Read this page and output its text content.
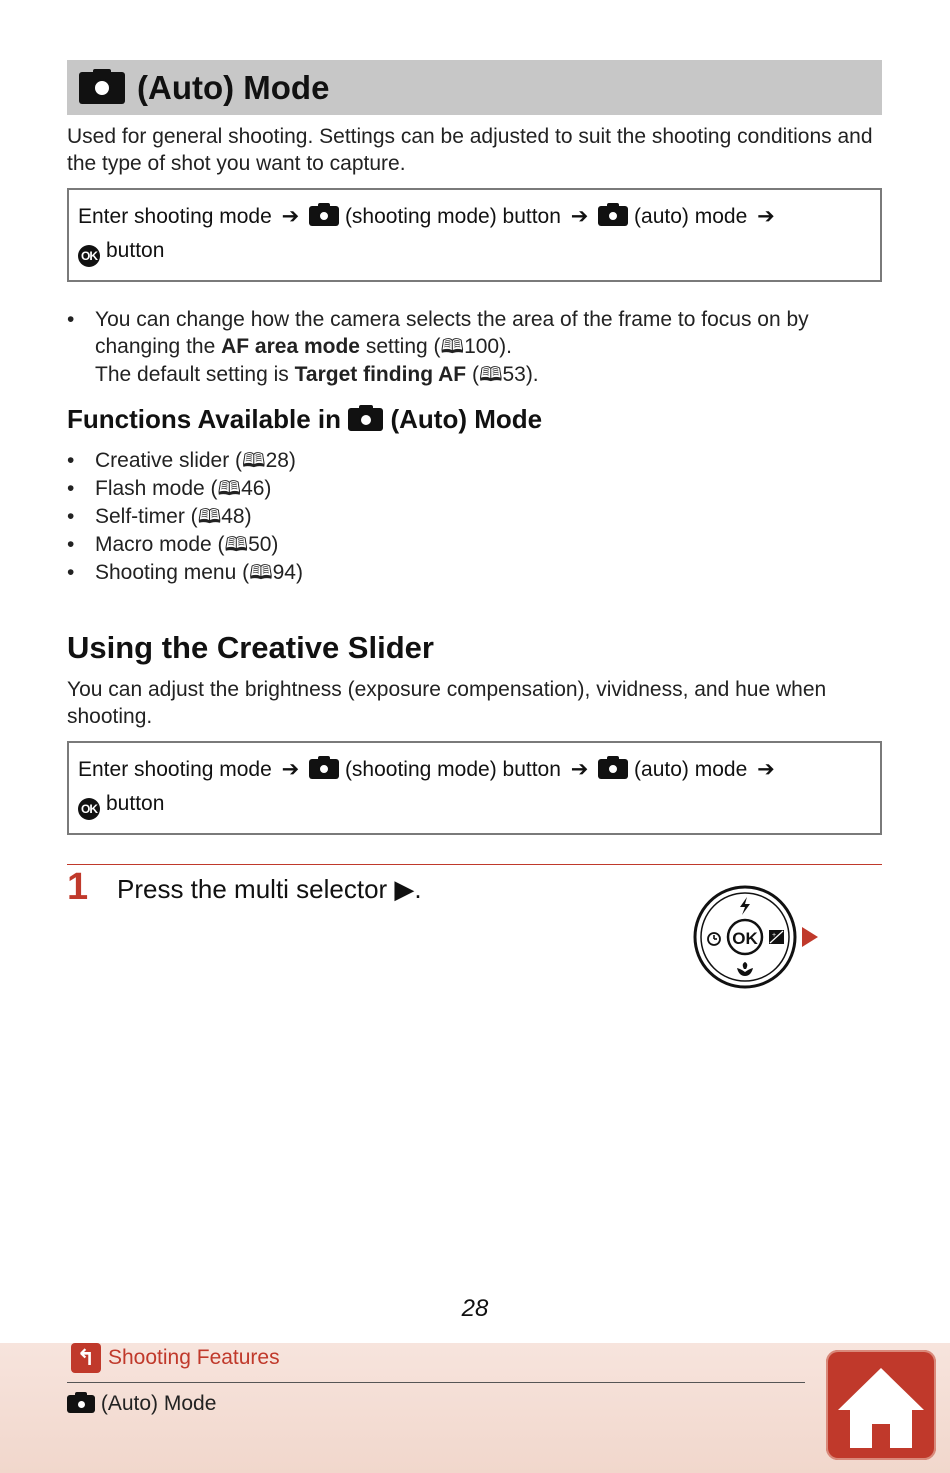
(Auto) Mode

Used for general shooting. Settings can be adjusted to suit the shooting conditions and the type of shot you want to capture.

Enter shooting mode ➔ (shooting mode) button ➔ (auto) mode ➔
OK button
• You can change how the camera selects the area of the frame to focus on by
changing the AF area mode setting (🕮100).
The default setting is Target finding AF (🕮53).
Functions Available in (Auto) Mode
• Creative slider (🕮28)
• Flash mode (🕮46)
• Self-timer (🕮48)
• Macro mode (🕮50)
• Shooting menu (🕮94)
Using the Creative Slider

You can adjust the brightness (exposure compensation), vividness, and hue when shooting.

Enter shooting mode ➔ (shooting mode) button ➔ (auto) mode ➔
OK button
1 Press the multi selector ▶.
OK +
28
↰ Shooting Features
(Auto) Mode
